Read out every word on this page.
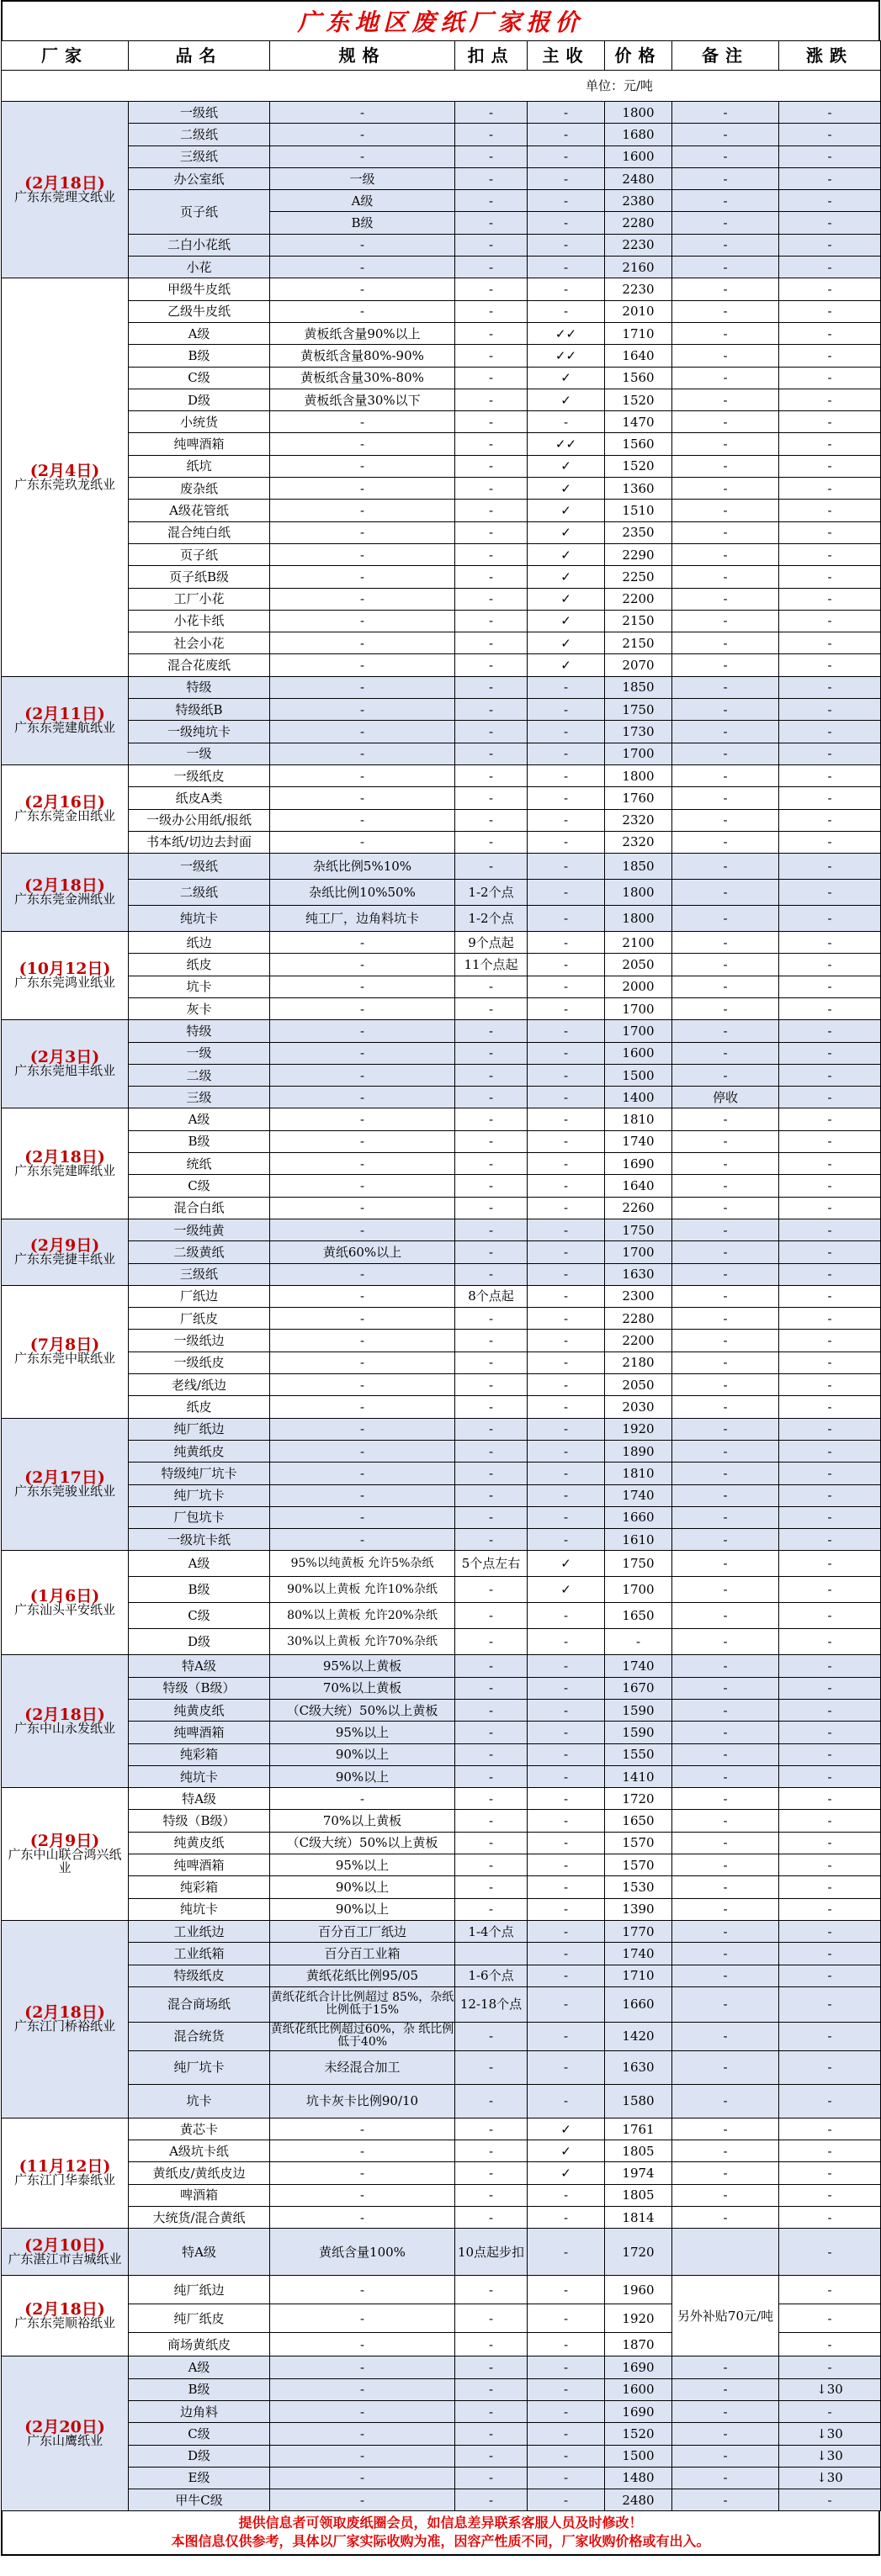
广东地区废纸厂家报价
厂家	品名	规格	扣点	主收	价格	备注	涨跌
单位：元/吨							

(2月18日)
广东东莞理文纸业	一级纸	-	-	-	1800	-	-
	二级纸	-	-	-	1680	-	-
	三级纸	-	-	-	1600	-	-
	办公室纸	一级	-	-	2480	-	-
	页子纸	A级	-	-	2380	-	-
		B级	-	-	2280	-	-
	二白小花纸	-	-	-	2230	-	-
	小花	-	-	-	2160	-	-

(2月4日)
广东东莞玖龙纸业	甲级牛皮纸	-	-	-	2230	-	-
	乙级牛皮纸	-	-	-	2010	-	-
	A级	黄板纸含量90%以上	-	✓✓	1710	-	-
	B级	黄板纸含量80%-90%	-	✓✓	1640	-	-
	C级	黄板纸含量30%-80%	-	✓	1560	-	-
	D级	黄板纸含量30%以下	-	✓	1520	-	-
	小统货	-	-	-	1470	-	-
	纯啤酒箱	-	-	✓✓	1560	-	-
	纸坑	-	-	✓	1520	-	-
	废杂纸	-	-	✓	1360	-	-
	A级花管纸	-	-	✓	1510	-	-
	混合纯白纸	-	-	✓	2350	-	-
	页子纸	-	-	✓	2290	-	-
	页子纸B级	-	-	✓	2250	-	-
	工厂小花	-	-	✓	2200	-	-
	小花卡纸	-	-	✓	2150	-	-
	社会小花	-	-	✓	2150	-	-
	混合花废纸	-	-	✓	2070	-	-

(2月11日)
广东东莞建航纸业	特级	-	-	-	1850	-	-
	特级纸B	-	-	-	1750	-	-
	一级纯坑卡	-	-	-	1730	-	-
	一级	-	-	-	1700	-	-

(2月16日)
广东东莞金田纸业	一级纸皮	-	-	-	1800	-	-
	纸皮A类	-	-	-	1760	-	-
	一级办公用纸/报纸	-	-	-	2320	-	-
	书本纸/切边去封面	-	-	-	2320	-	-

(2月18日)
广东东莞金洲纸业	一级纸	杂纸比例5%10%	-	-	1850	-	-
	二级纸	杂纸比例10%50%	1-2个点	-	1800	-	-
	纯坑卡	纯工厂，边角料坑卡	1-2个点	-	1800	-	-

(10月12日)
广东东莞鸿业纸业	纸边	-	9个点起	-	2100	-	-
	纸皮	-	11个点起	-	2050	-	-
	坑卡	-	-	-	2000	-	-
	灰卡	-	-	-	1700	-	-

(2月3日)
广东东莞旭丰纸业	特级	-	-	-	1700	-	-
	一级	-	-	-	1600	-	-
	二级	-	-	-	1500	-	-
	三级	-	-	-	1400	停收	-

(2月18日)
广东东莞建晖纸业	A级	-	-	-	1810	-	-
	B级	-	-	-	1740	-	-
	统纸	-	-	-	1690	-	-
	C级	-	-	-	1640	-	-
	混合白纸	-	-	-	2260	-	-

(2月9日)
广东东莞捷丰纸业	一级纯黄	-	-	-	1750	-	-
	二级黄纸	黄纸60%以上	-	-	1700	-	-
	三级纸	-	-	-	1630	-	-

(7月8日)
广东东莞中联纸业	厂纸边	-	8个点起	-	2300	-	-
	厂纸皮	-	-	-	2280	-	-
	一级纸边	-	-	-	2200	-	-
	一级纸皮	-	-	-	2180	-	-
	老线/纸边	-	-	-	2050	-	-
	纸皮	-	-	-	2030	-	-

(2月17日)
广东东莞骏业纸业	纯厂纸边	-	-	-	1920	-	-
	纯黄纸皮	-	-	-	1890	-	-
	特级纯厂坑卡	-	-	-	1810	-	-
	纯厂坑卡	-	-	-	1740	-	-
	厂包坑卡	-	-	-	1660	-	-
	一级坑卡纸	-	-	-	1610	-	-

(1月6日)
广东汕头平安纸业	A级	95%以纯黄板 允许5%杂纸	5个点左右	✓	1750	-	-
	B级	90%以上黄板 允许10%杂纸	-	✓	1700	-	-
	C级	80%以上黄板 允许20%杂纸	-	-	1650	-	-
	D级	30%以上黄板 允许70%杂纸	-	-	-	-	-

(2月18日)
广东中山永发纸业	特A级	95%以上黄板	-	-	1740	-	-
	特级（B级）	70%以上黄板	-	-	1670	-	-
	纯黄皮纸	（C级大统）50%以上黄板	-	-	1590	-	-
	纯啤酒箱	95%以上	-	-	1590	-	-
	纯彩箱	90%以上	-	-	1550	-	-
	纯坑卡	90%以上	-	-	1410	-	-

(2月9日)
广东中山联合鸿兴纸业	特A级	-	-	-	1720	-	-
	特级（B级）	70%以上黄板	-	-	1650	-	-
	纯黄皮纸	（C级大统）50%以上黄板	-	-	1570	-	-
	纯啤酒箱	95%以上	-	-	1570	-	-
	纯彩箱	90%以上	-	-	1530	-	-
	纯坑卡	90%以上	-	-	1390	-	-

(2月18日)
广东江门桥裕纸业	工业纸边	百分百工厂纸边	1-4个点	-	1770	-	-
	工业纸箱	百分百工业箱		-	1740	-	-
	特级纸皮	黄纸花纸比例95/05	1-6个点	-	1710	-	-
	混合商场纸	黄纸花纸合计比例超过 85%，杂纸比例低于15%	12-18个点	-	1660	-	-
	混合统货	黄纸花纸比例超过60%，杂 纸比例低于40%	-	-	1420	-	-
	纯厂坑卡	未经混合加工	-	-	1630	-	-
	坑卡	坑卡灰卡比例90/10	-	-	1580	-	-

(11月12日)
广东江门华泰纸业	黄芯卡	-	-	✓	1761	-	-
	A级坑卡纸	-	-	✓	1805	-	-
	黄纸皮/黄纸皮边	-	-	✓	1974	-	-
	啤酒箱	-	-	-	1805	-	-
	大统货/混合黄纸	-	-	-	1814	-	-

(2月10日)
广东湛江市吉城纸业	特A级	黄纸含量100%	10点起步扣	-	1720		-

(2月18日)
广东东莞顺裕纸业	纯厂纸边	-	-	-	1960	另外补贴70元/吨	-
	纯厂纸皮	-	-	-	1920		-
	商场黄纸皮	-	-	-	1870		-

(2月20日)
广东山鹰纸业	A级	-	-	-	1690	-	-
	B级	-	-	-	1600	-	↓30
	边角料	-	-	-	1690	-	-
	C级	-	-	-	1520	-	↓30
	D级	-	-	-	1500	-	↓30
	E级	-	-	-	1480	-	↓30
	甲牛C级	-	-	-	2480	-	-
提供信息者可领取废纸圈会员，如信息差异联系客服人员及时修改！
本图信息仅供参考，具体以厂家实际收购为准，因容产性质不同，厂家收购价格或有出入。
